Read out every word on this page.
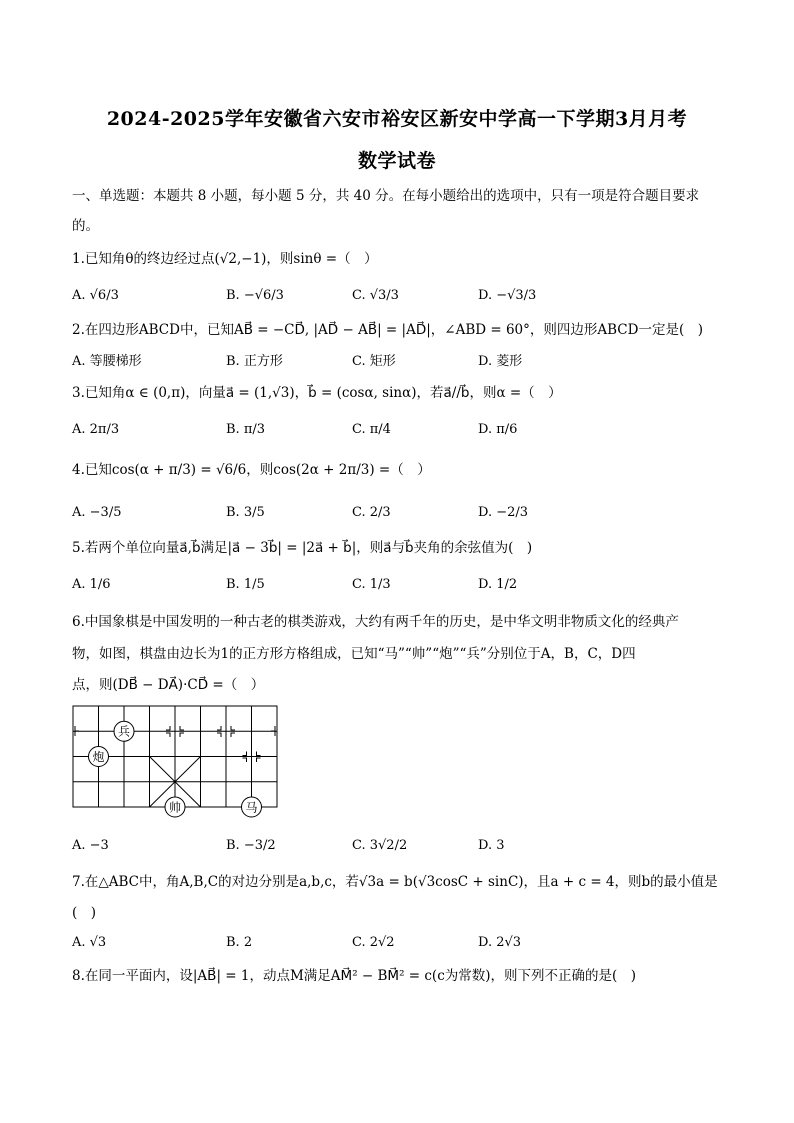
2024-2025学年安徽省六安市裕安区新安中学高一下学期3月月考
数学试卷
一、单选题：本题共 8 小题，每小题 5 分，共 40 分。在每小题给出的选项中，只有一项是符合题目要求
的。
1.已知角θ的终边经过点(√2,−1)，则sinθ =（　）
A. √6/3	B. −√6/3	C. √3/3	D. −√3/3
2.在四边形ABCD中，已知AB⃗ = −CD⃗, |AD⃗ − AB⃗| = |AD⃗|，∠ABD = 60°，则四边形ABCD一定是(　)
A. 等腰梯形	B. 正方形	C. 矩形	D. 菱形
3.已知角α ∈ (0,π)，向量a⃗ = (1,√3)，b⃗ = (cosα, sinα)，若a⃗//b⃗，则α =（　）
A. 2π/3	B. π/3	C. π/4	D. π/6
4.已知cos(α + π/3) = √6/6，则cos(2α + 2π/3) =（　）
A. −3/5	B. 3/5	C. 2/3	D. −2/3
5.若两个单位向量a⃗,b⃗满足|a⃗ − 3b⃗| = |2a⃗ + b⃗|，则a⃗与b⃗夹角的余弦值为(　)
A. 1/6	B. 1/5	C. 1/3	D. 1/2
6.中国象棋是中国发明的一种古老的棋类游戏，大约有两千年的历史，是中华文明非物质文化的经典产
物，如图，棋盘由边长为1的正方形方格组成，已知“马”“帅”“炮”“兵”分别位于A，B，C，D四
点，则(DB⃗ − DA⃗)·CD⃗ =（　）
兵
炮
帅	马
A. −3	B. −3/2	C. 3√2/2	D. 3
7.在△ABC中，角A,B,C的对边分别是a,b,c，若√3a = b(√3cosC + sinC)，且a + c = 4，则b的最小值是
(　)
A. √3	B. 2	C. 2√2	D. 2√3
8.在同一平面内，设|AB⃗| = 1，动点M满足AM⃗² − BM⃗² = c(c为常数)，则下列不正确的是(　)
